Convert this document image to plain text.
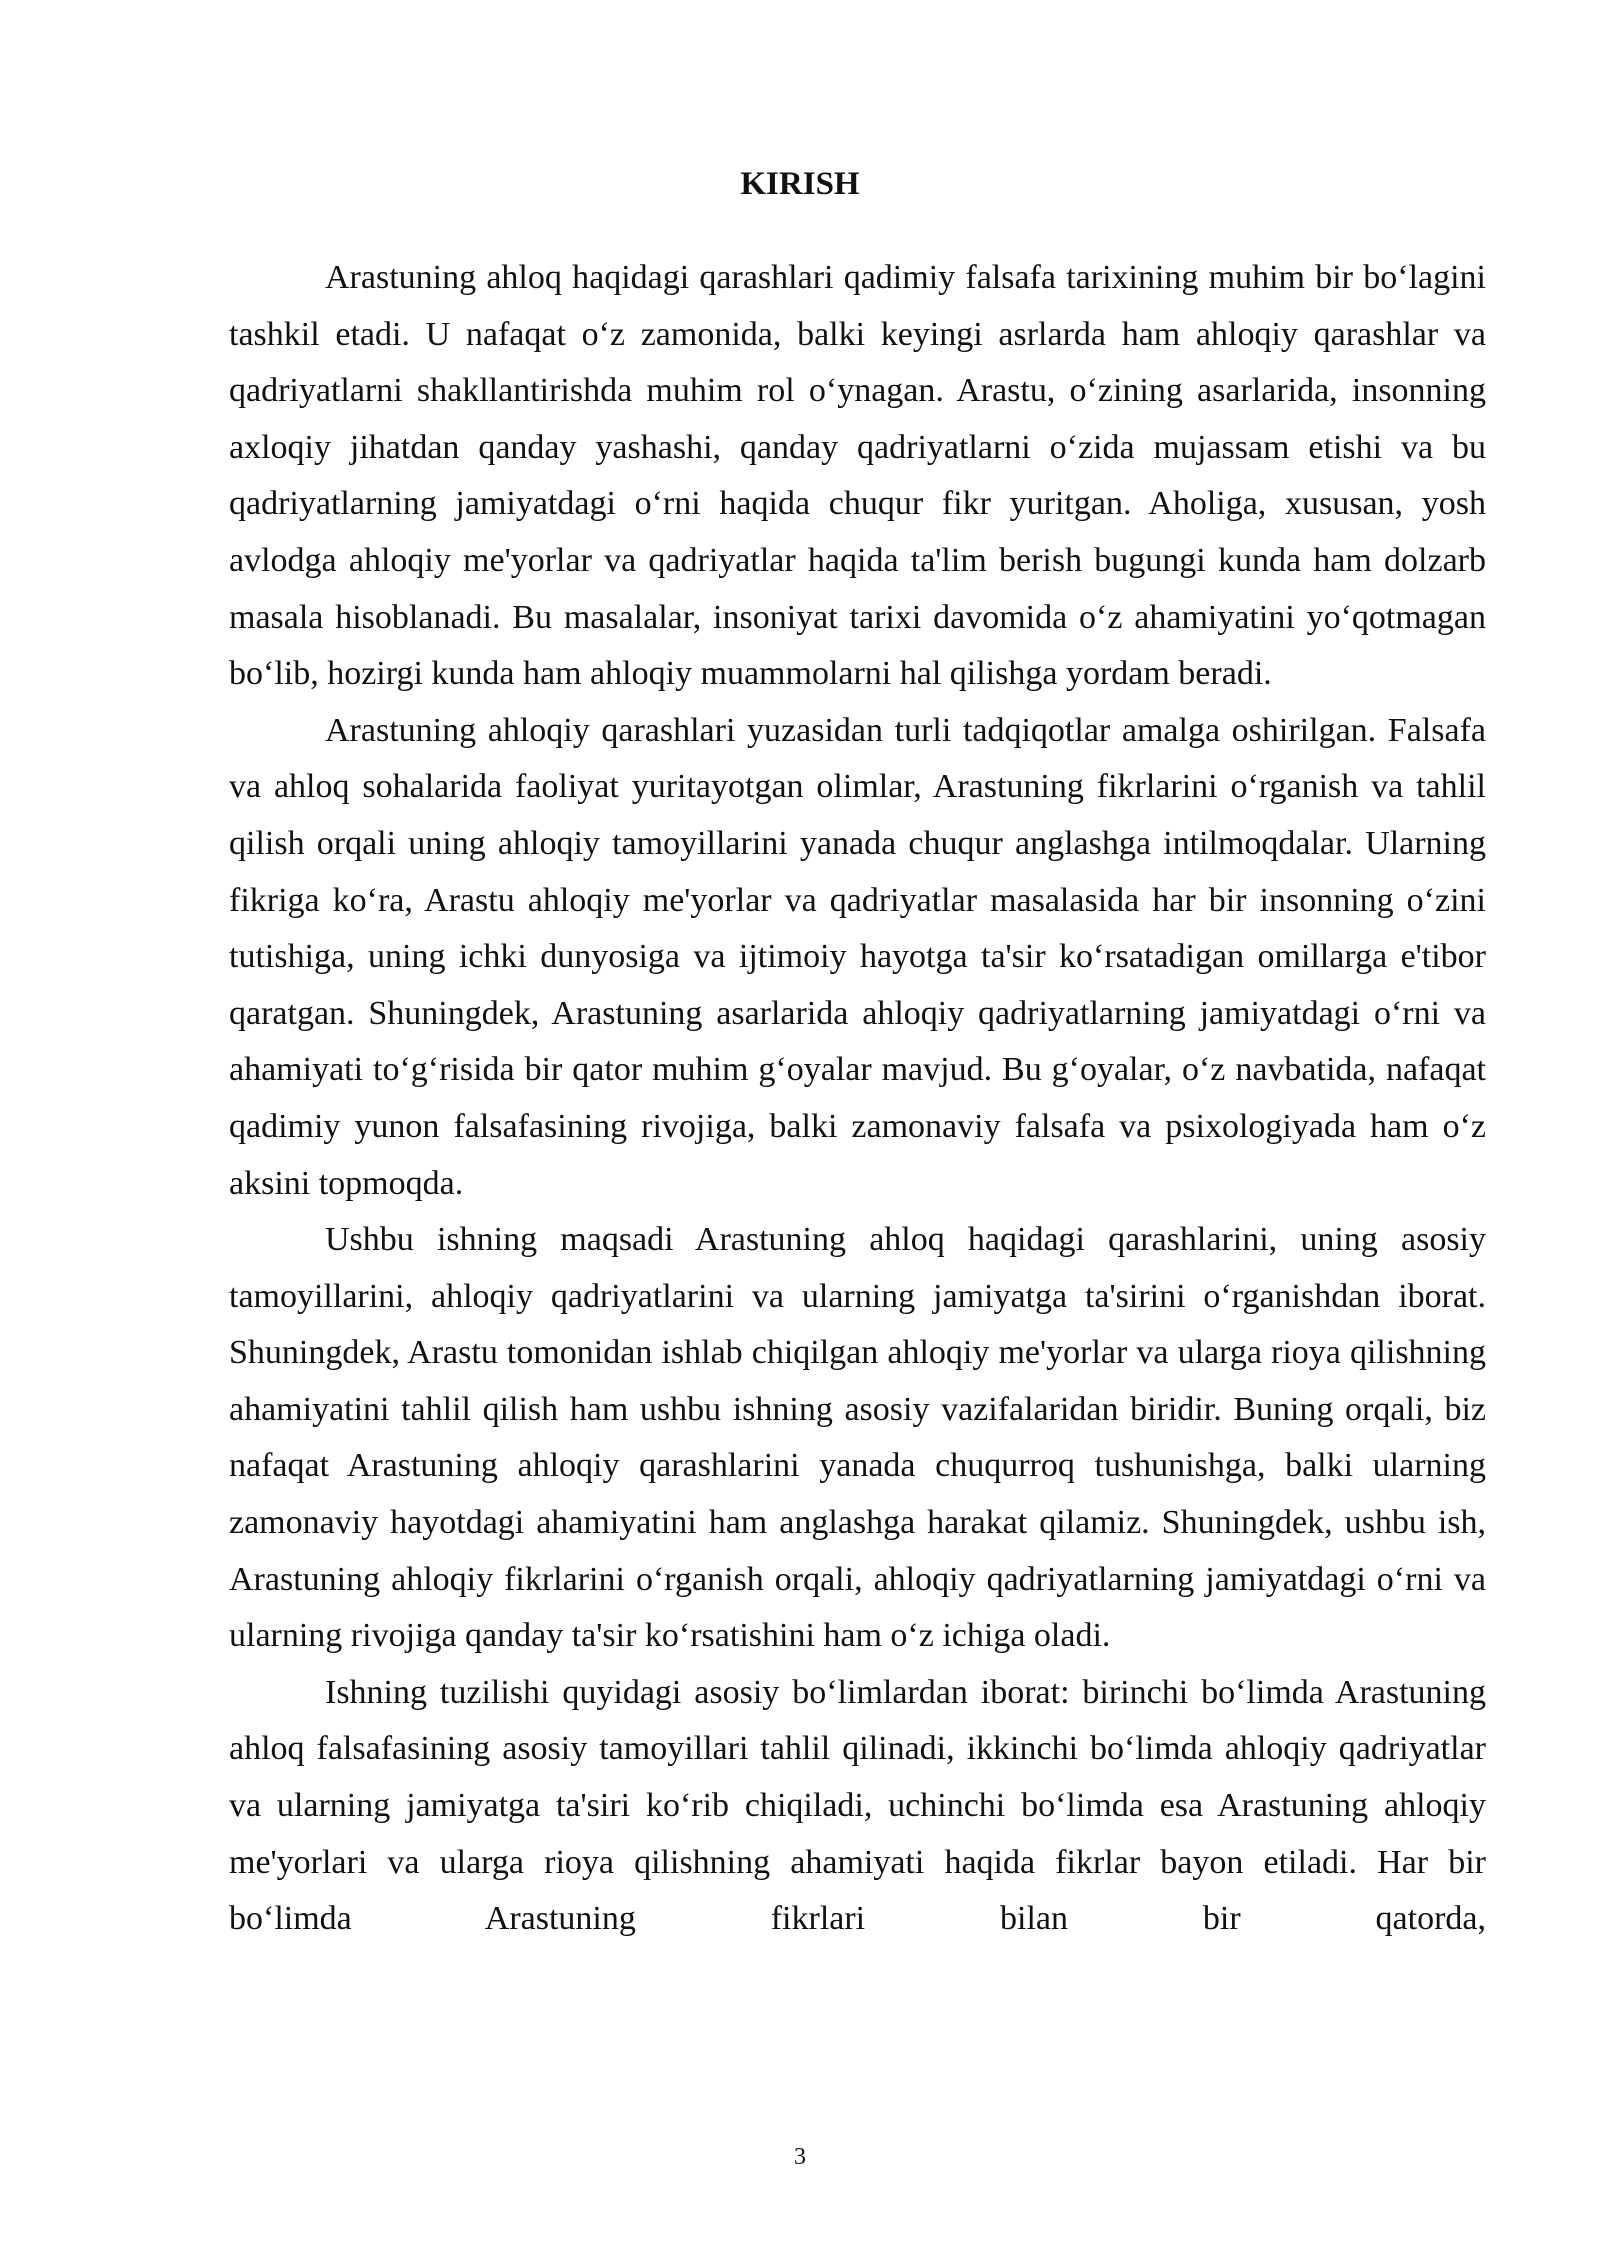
KIRISH

Arastuning ahloq haqidagi qarashlari qadimiy falsafa tarixining muhim bir bo‘lagini tashkil etadi. U nafaqat o‘z zamonida, balki keyingi asrlarda ham ahloqiy qarashlar va qadriyatlarni shakllantirishda muhim rol o‘ynagan. Arastu, o‘zining asarlarida, insonning axloqiy jihatdan qanday yashashi, qanday qadriyatlarni o‘zida mujassam etishi va bu qadriyatlarning jamiyatdagi o‘rni haqida chuqur fikr yuritgan. Aholiga, xususan, yosh avlodga ahloqiy me'yorlar va qadriyatlar haqida ta'lim berish bugungi kunda ham dolzarb masala hisoblanadi. Bu masalalar, insoniyat tarixi davomida o‘z ahamiyatini yo‘qotmagan bo‘lib, hozirgi kunda ham ahloqiy muammolarni hal qilishga yordam beradi.

Arastuning ahloqiy qarashlari yuzasidan turli tadqiqotlar amalga oshirilgan. Falsafa va ahloq sohalarida faoliyat yuritayotgan olimlar, Arastuning fikrlarini o‘rganish va tahlil qilish orqali uning ahloqiy tamoyillarini yanada chuqur anglashga intilmoqdalar. Ularning fikriga ko‘ra, Arastu ahloqiy me'yorlar va qadriyatlar masalasida har bir insonning o‘zini tutishiga, uning ichki dunyosiga va ijtimoiy hayotga ta'sir ko‘rsatadigan omillarga e'tibor qaratgan. Shuningdek, Arastuning asarlarida ahloqiy qadriyatlarning jamiyatdagi o‘rni va ahamiyati to‘g‘risida bir qator muhim g‘oyalar mavjud. Bu g‘oyalar, o‘z navbatida, nafaqat qadimiy yunon falsafasining rivojiga, balki zamonaviy falsafa va psixologiyada ham o‘z aksini topmoqda.

Ushbu ishning maqsadi Arastuning ahloq haqidagi qarashlarini, uning asosiy tamoyillarini, ahloqiy qadriyatlarini va ularning jamiyatga ta'sirini o‘rganishdan iborat. Shuningdek, Arastu tomonidan ishlab chiqilgan ahloqiy me'yorlar va ularga rioya qilishning ahamiyatini tahlil qilish ham ushbu ishning asosiy vazifalaridan biridir. Buning orqali, biz nafaqat Arastuning ahloqiy qarashlarini yanada chuqurroq tushunishga, balki ularning zamonaviy hayotdagi ahamiyatini ham anglashga harakat qilamiz. Shuningdek, ushbu ish, Arastuning ahloqiy fikrlarini o‘rganish orqali, ahloqiy qadriyatlarning jamiyatdagi o‘rni va ularning rivojiga qanday ta'sir ko‘rsatishini ham o‘z ichiga oladi.

Ishning tuzilishi quyidagi asosiy bo‘limlardan iborat: birinchi bo‘limda Arastuning ahloq falsafasining asosiy tamoyillari tahlil qilinadi, ikkinchi bo‘limda ahloqiy qadriyatlar va ularning jamiyatga ta'siri ko‘rib chiqiladi, uchinchi bo‘limda esa Arastuning ahloqiy me'yorlari va ularga rioya qilishning ahamiyati haqida fikrlar bayon etiladi. Har bir bo‘limda Arastuning fikrlari bilan bir qatorda,

3
